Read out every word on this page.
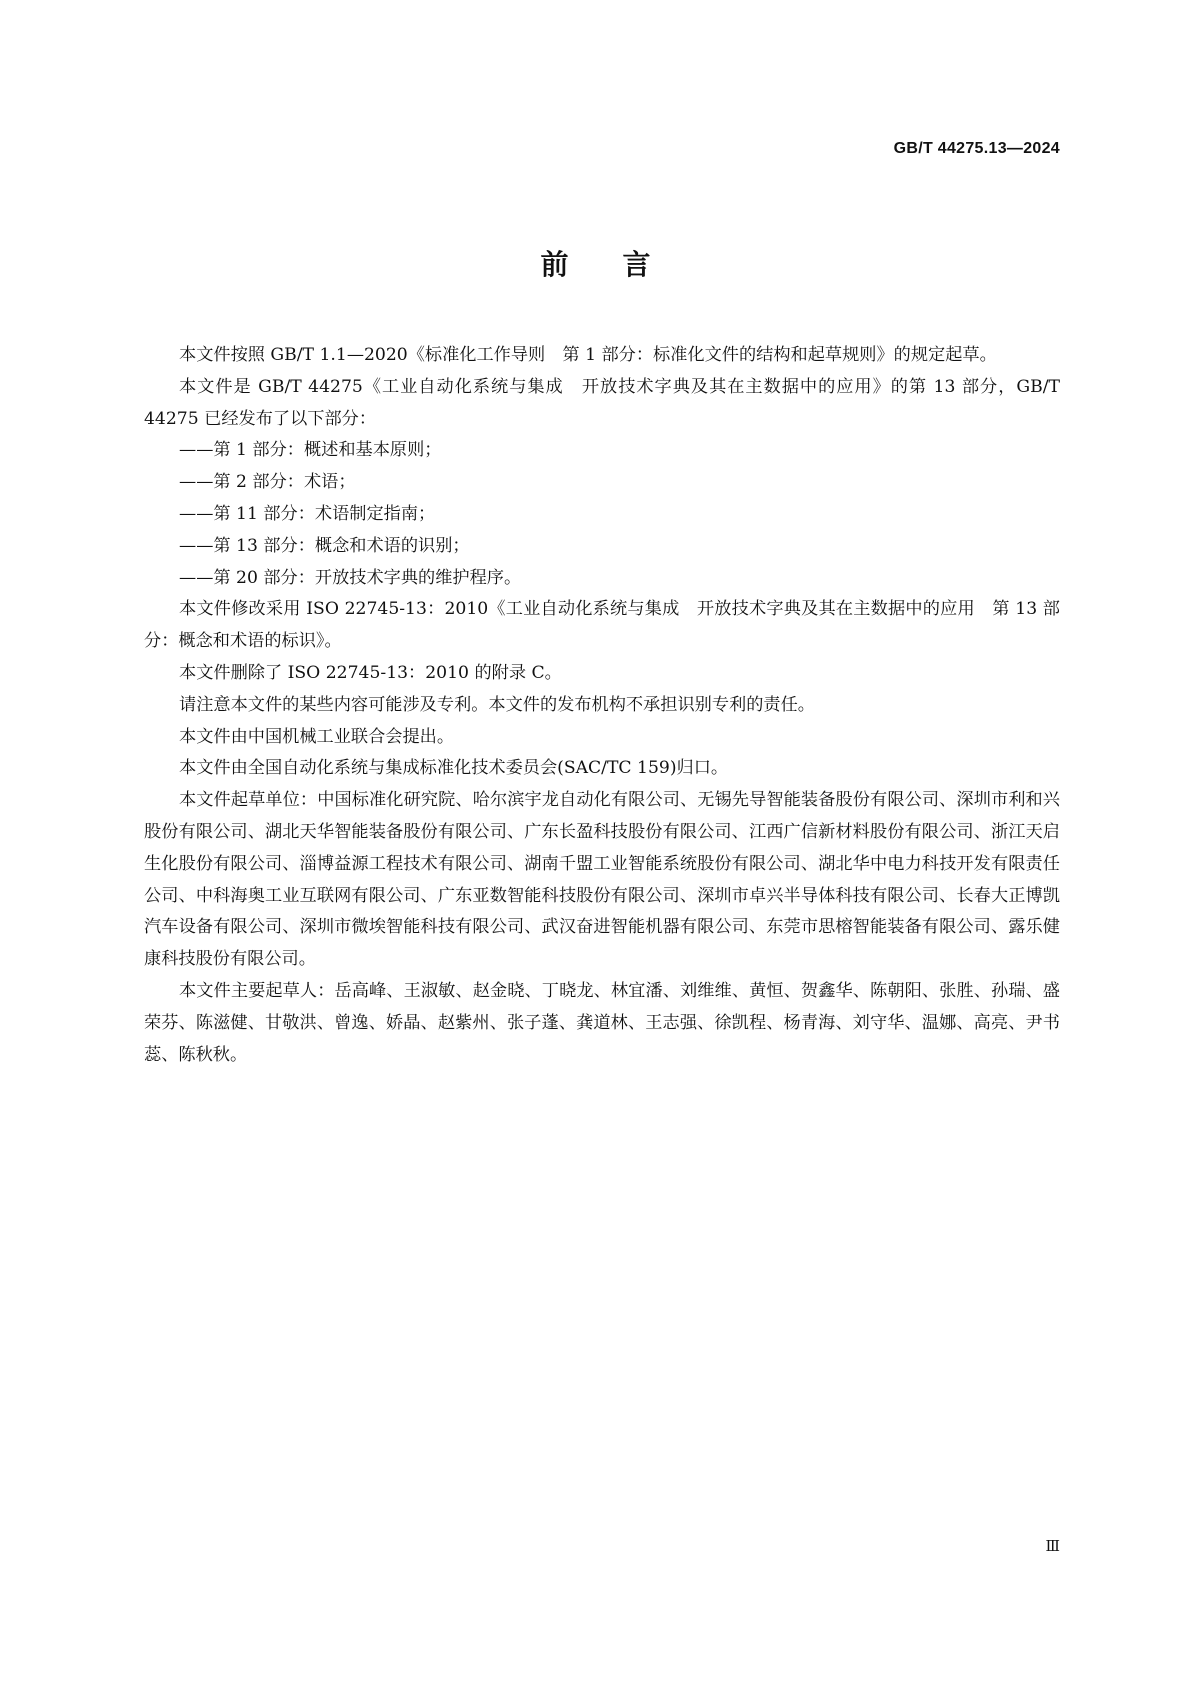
GB/T 44275.13—2024
前言

本文件按照 GB/T 1.1—2020《标准化工作导则　第 1 部分：标准化文件的结构和起草规则》的规定起草。

本文件是 GB/T 44275《工业自动化系统与集成　开放技术字典及其在主数据中的应用》的第 13 部分，GB/T 44275 已经发布了以下部分：

——第 1 部分：概述和基本原则；

——第 2 部分：术语；

——第 11 部分：术语制定指南；

——第 13 部分：概念和术语的识别；

——第 20 部分：开放技术字典的维护程序。

本文件修改采用 ISO 22745-13：2010《工业自动化系统与集成　开放技术字典及其在主数据中的应用　第 13 部分：概念和术语的标识》。

本文件删除了 ISO 22745-13：2010 的附录 C。

请注意本文件的某些内容可能涉及专利。本文件的发布机构不承担识别专利的责任。

本文件由中国机械工业联合会提出。

本文件由全国自动化系统与集成标准化技术委员会(SAC/TC 159)归口。

本文件起草单位：中国标准化研究院、哈尔滨宇龙自动化有限公司、无锡先导智能装备股份有限公司、深圳市利和兴股份有限公司、湖北天华智能装备股份有限公司、广东长盈科技股份有限公司、江西广信新材料股份有限公司、浙江天启生化股份有限公司、淄博益源工程技术有限公司、湖南千盟工业智能系统股份有限公司、湖北华中电力科技开发有限责任公司、中科海奥工业互联网有限公司、广东亚数智能科技股份有限公司、深圳市卓兴半导体科技有限公司、长春大正博凯汽车设备有限公司、深圳市微埃智能科技有限公司、武汉奋进智能机器有限公司、东莞市思榕智能装备有限公司、露乐健康科技股份有限公司。

本文件主要起草人：岳高峰、王淑敏、赵金晓、丁晓龙、林宜潘、刘维维、黄恒、贺鑫华、陈朝阳、张胜、孙瑞、盛荣芬、陈滋健、甘敬洪、曾逸、娇晶、赵紫州、张子蓬、龚道林、王志强、徐凯程、杨青海、刘守华、温娜、高亮、尹书蕊、陈秋秋。

Ⅲ
